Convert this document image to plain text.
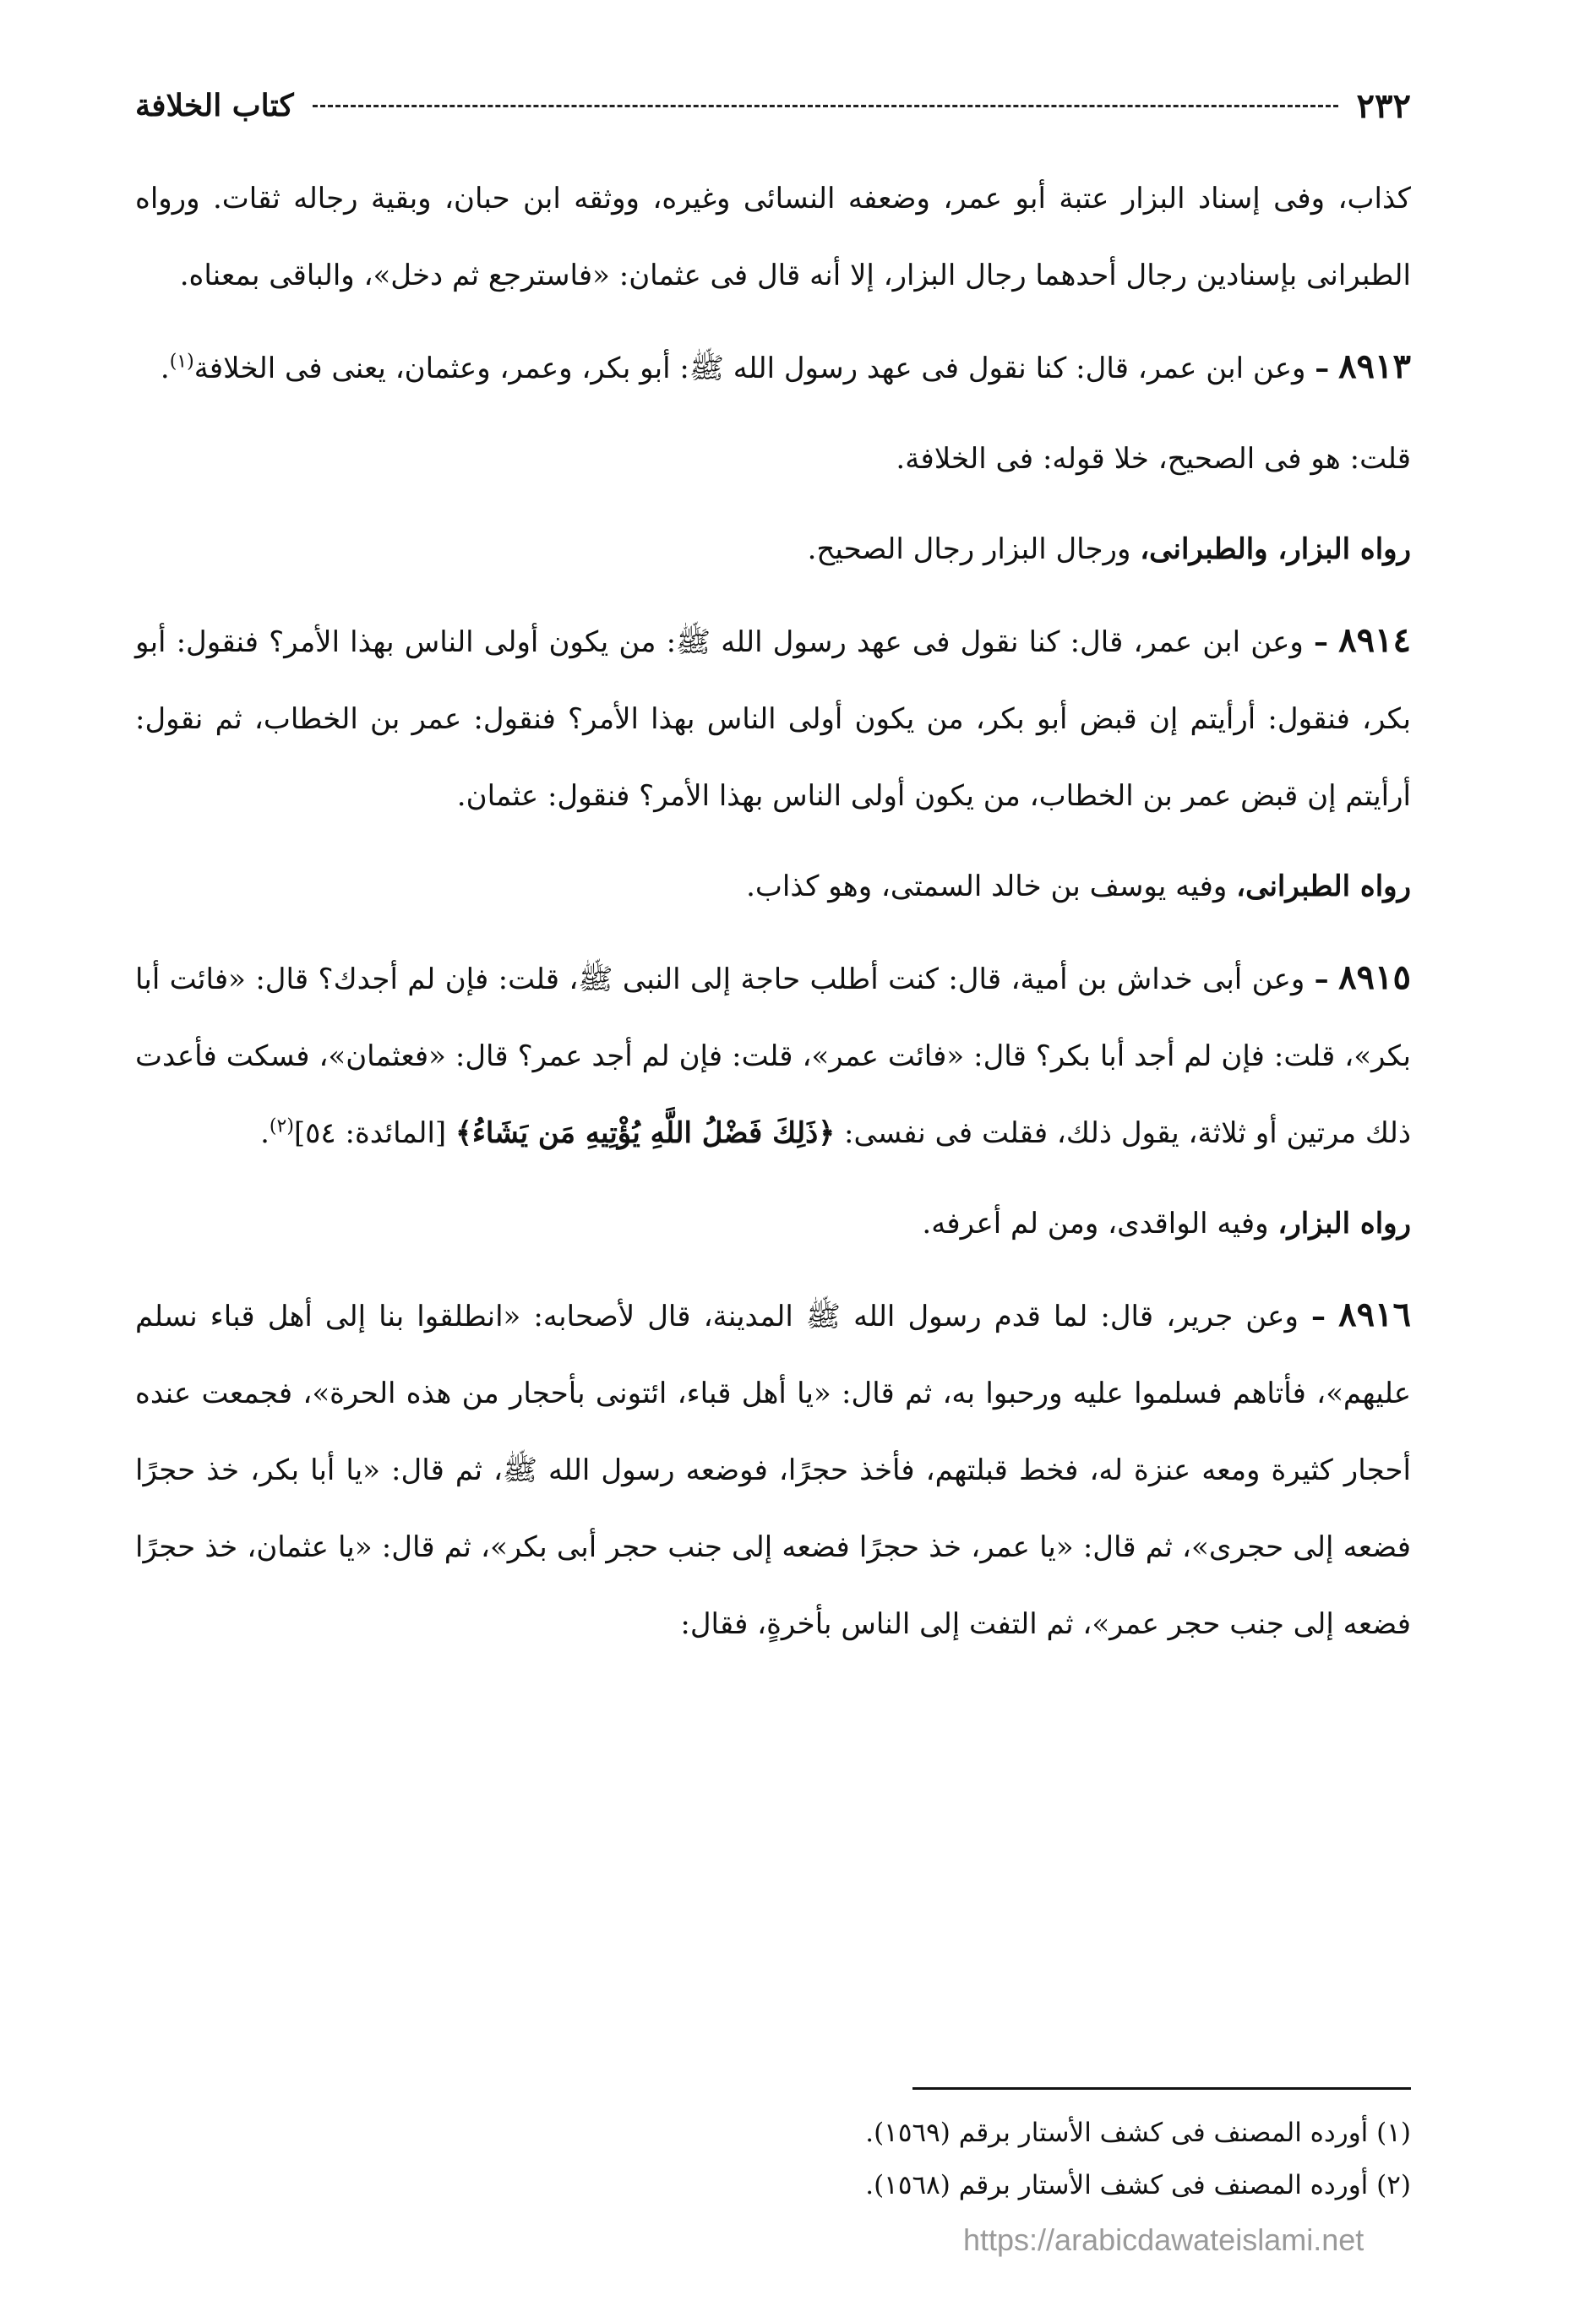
٢٣٢
كتاب الخلافة

كذاب، وفى إسناد البزار عتبة أبو عمر، وضعفه النسائى وغيره، ووثقه ابن حبان، وبقية رجاله ثقات. ورواه الطبرانى بإسنادين رجال أحدهما رجال البزار، إلا أنه قال فى عثمان: «فاسترجع ثم دخل»، والباقى بمعناه.

٨٩١٣ – وعن ابن عمر، قال: كنا نقول فى عهد رسول الله ﷺ: أبو بكر، وعمر، وعثمان، يعنى فى الخلافة$^{(١)}$.

قلت: هو فى الصحيح، خلا قوله: فى الخلافة.

رواه البزار، والطبرانى، ورجال البزار رجال الصحيح.

٨٩١٤ – وعن ابن عمر، قال: كنا نقول فى عهد رسول الله ﷺ: من يكون أولى الناس بهذا الأمر؟ فنقول: أبو بكر، فنقول: أرأيتم إن قبض أبو بكر، من يكون أولى الناس بهذا الأمر؟ فنقول: عمر بن الخطاب، ثم نقول: أرأيتم إن قبض عمر بن الخطاب، من يكون أولى الناس بهذا الأمر؟ فنقول: عثمان.

رواه الطبرانى، وفيه يوسف بن خالد السمتى، وهو كذاب.

٨٩١٥ – وعن أبى خداش بن أمية، قال: كنت أطلب حاجة إلى النبى ﷺ، قلت: فإن لم أجدك؟ قال: «فائت أبا بكر»، قلت: فإن لم أجد أبا بكر؟ قال: «فائت عمر»، قلت: فإن لم أجد عمر؟ قال: «فعثمان»، فسكت فأعدت ذلك مرتين أو ثلاثة، يقول ذلك، فقلت فى نفسى: ﴿ذَلِكَ فَضْلُ اللَّهِ يُؤْتِيهِ مَن يَشَاءُ﴾ [المائدة: ٥٤]$^{(٢)}$.

رواه البزار، وفيه الواقدى، ومن لم أعرفه.

٨٩١٦ – وعن جرير، قال: لما قدم رسول الله ﷺ المدينة، قال لأصحابه: «انطلقوا بنا إلى أهل قباء نسلم عليهم»، فأتاهم فسلموا عليه ورحبوا به، ثم قال: «يا أهل قباء، ائتونى بأحجار من هذه الحرة»، فجمعت عنده أحجار كثيرة ومعه عنزة له، فخط قبلتهم، فأخذ حجرًا، فوضعه رسول الله ﷺ، ثم قال: «يا أبا بكر، خذ حجرًا فضعه إلى حجرى»، ثم قال: «يا عمر، خذ حجرًا فضعه إلى جنب حجر أبى بكر»، ثم قال: «يا عثمان، خذ حجرًا فضعه إلى جنب حجر عمر»، ثم التفت إلى الناس بأخرةٍ، فقال:

(١) أورده المصنف فى كشف الأستار برقم (١٥٦٩).

(٢) أورده المصنف فى كشف الأستار برقم (١٥٦٨).

https://arabicdawateislami.net
